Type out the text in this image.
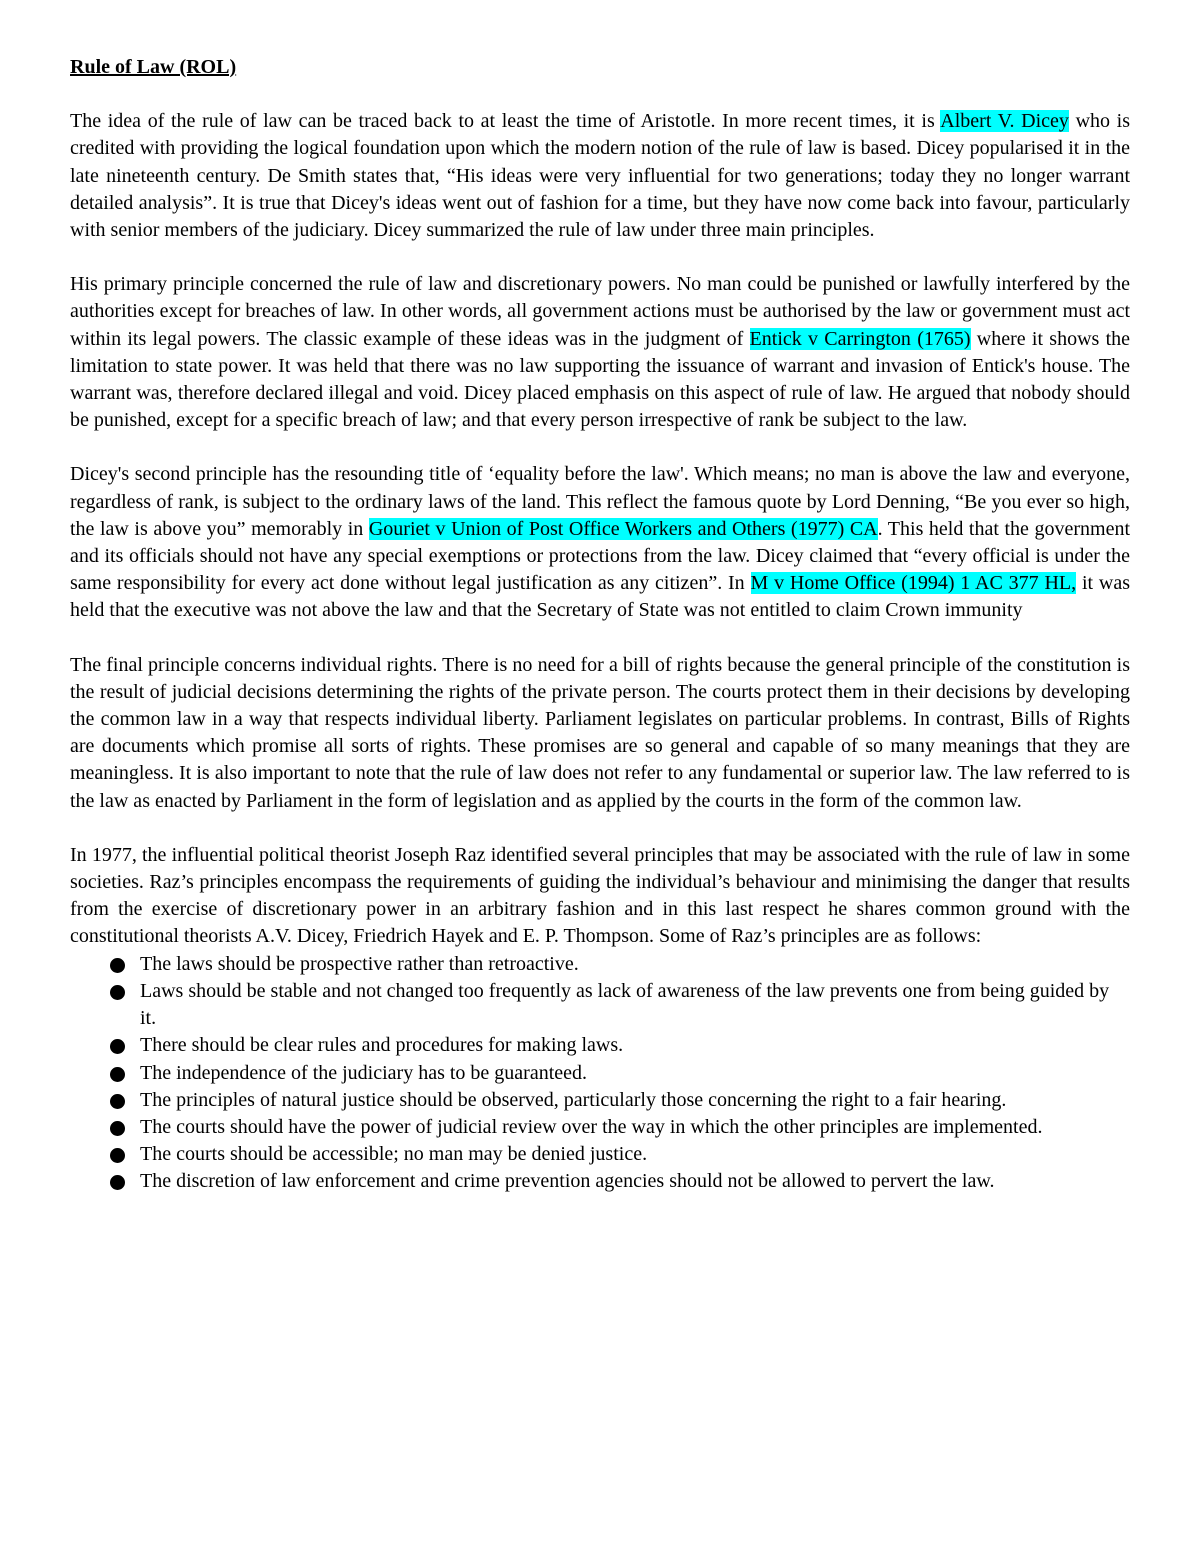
Rule of Law (ROL)
The idea of the rule of law can be traced back to at least the time of Aristotle. In more recent times, it is Albert V. Dicey who is credited with providing the logical foundation upon which the modern notion of the rule of law is based. Dicey popularised it in the late nineteenth century. De Smith states that, “His ideas were very influential for two generations; today they no longer warrant detailed analysis”. It is true that Dicey's ideas went out of fashion for a time, but they have now come back into favour, particularly with senior members of the judiciary. Dicey summarized the rule of law under three main principles.
His primary principle concerned the rule of law and discretionary powers. No man could be punished or lawfully interfered by the authorities except for breaches of law. In other words, all government actions must be authorised by the law or government must act within its legal powers. The classic example of these ideas was in the judgment of Entick v Carrington (1765) where it shows the limitation to state power. It was held that there was no law supporting the issuance of warrant and invasion of Entick's house. The warrant was, therefore declared illegal and void. Dicey placed emphasis on this aspect of rule of law. He argued that nobody should be punished, except for a specific breach of law; and that every person irrespective of rank be subject to the law.
Dicey's second principle has the resounding title of ‘equality before the law'. Which means; no man is above the law and everyone, regardless of rank, is subject to the ordinary laws of the land. This reflect the famous quote by Lord Denning, “Be you ever so high, the law is above you” memorably in Gouriet v Union of Post Office Workers and Others (1977) CA. This held that the government and its officials should not have any special exemptions or protections from the law. Dicey claimed that “every official is under the same responsibility for every act done without legal justification as any citizen”. In M v Home Office (1994) 1 AC 377 HL, it was held that the executive was not above the law and that the Secretary of State was not entitled to claim Crown immunity
The final principle concerns individual rights. There is no need for a bill of rights because the general principle of the constitution is the result of judicial decisions determining the rights of the private person. The courts protect them in their decisions by developing the common law in a way that respects individual liberty. Parliament legislates on particular problems. In contrast, Bills of Rights are documents which promise all sorts of rights. These promises are so general and capable of so many meanings that they are meaningless. It is also important to note that the rule of law does not refer to any fundamental or superior law. The law referred to is the law as enacted by Parliament in the form of legislation and as applied by the courts in the form of the common law.
In 1977, the influential political theorist Joseph Raz identified several principles that may be associated with the rule of law in some societies. Raz’s principles encompass the requirements of guiding the individual’s behaviour and minimising the danger that results from the exercise of discretionary power in an arbitrary fashion and in this last respect he shares common ground with the constitutional theorists A.V. Dicey, Friedrich Hayek and E. P. Thompson. Some of Raz’s principles are as follows:
The laws should be prospective rather than retroactive.
Laws should be stable and not changed too frequently as lack of awareness of the law prevents one from being guided by it.
There should be clear rules and procedures for making laws.
The independence of the judiciary has to be guaranteed.
The principles of natural justice should be observed, particularly those concerning the right to a fair hearing.
The courts should have the power of judicial review over the way in which the other principles are implemented.
The courts should be accessible; no man may be denied justice.
The discretion of law enforcement and crime prevention agencies should not be allowed to pervert the law.
